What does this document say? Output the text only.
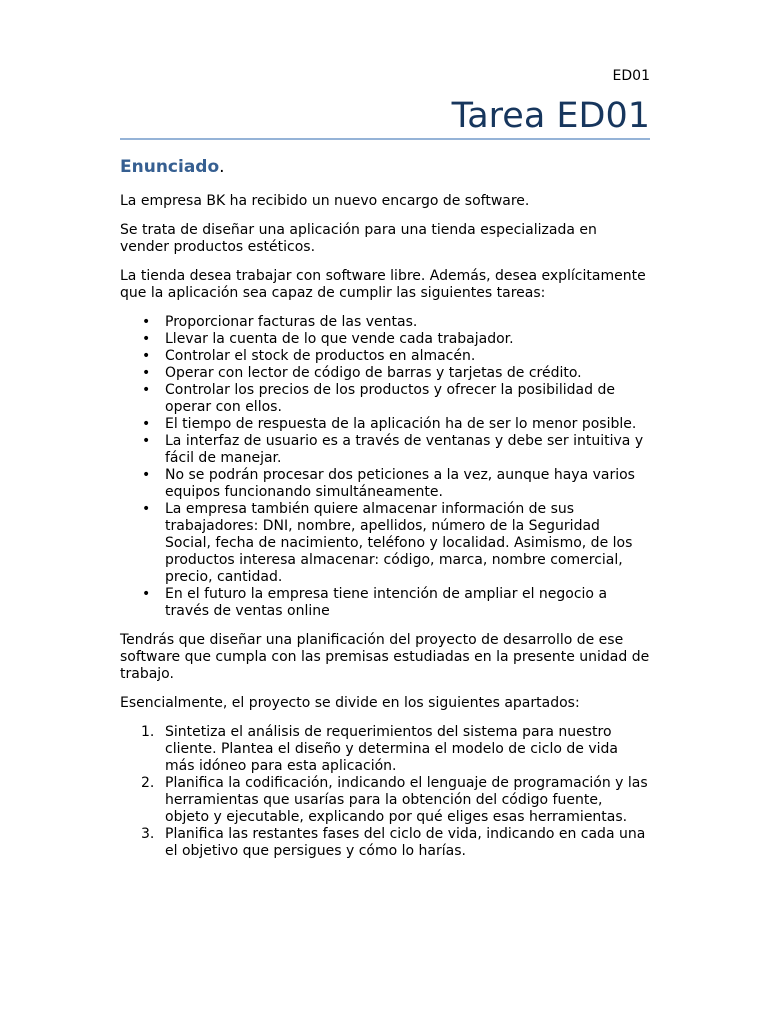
ED01
Tarea ED01
Enunciado.

La empresa BK ha recibido un nuevo encargo de software.

Se trata de diseñar una aplicación para una tienda especializada en vender productos estéticos.

La tienda desea trabajar con software libre. Además, desea explícitamente que la aplicación sea capaz de cumplir las siguientes tareas:

• Proporcionar facturas de las ventas.
• Llevar la cuenta de lo que vende cada trabajador.
• Controlar el stock de productos en almacén.
• Operar con lector de código de barras y tarjetas de crédito.
• Controlar los precios de los productos y ofrecer la posibilidad de operar con ellos.
• El tiempo de respuesta de la aplicación ha de ser lo menor posible.
• La interfaz de usuario es a través de ventanas y debe ser intuitiva y fácil de manejar.
• No se podrán procesar dos peticiones a la vez, aunque haya varios equipos funcionando simultáneamente.
• La empresa también quiere almacenar información de sus trabajadores: DNI, nombre, apellidos, número de la Seguridad Social, fecha de nacimiento, teléfono y localidad. Asimismo, de los productos interesa almacenar: código, marca, nombre comercial, precio, cantidad.
• En el futuro la empresa tiene intención de ampliar el negocio a través de ventas online

Tendrás que diseñar una planificación del proyecto de desarrollo de ese software que cumpla con las premisas estudiadas en la presente unidad de trabajo.

Esencialmente, el proyecto se divide en los siguientes apartados:

1. Sintetiza el análisis de requerimientos del sistema para nuestro cliente. Plantea el diseño y determina el modelo de ciclo de vida más idóneo para esta aplicación.
2. Planifica la codificación, indicando el lenguaje de programación y las herramientas que usarías para la obtención del código fuente, objeto y ejecutable, explicando por qué eliges esas herramientas.
3. Planifica las restantes fases del ciclo de vida, indicando en cada una el objetivo que persigues y cómo lo harías.
